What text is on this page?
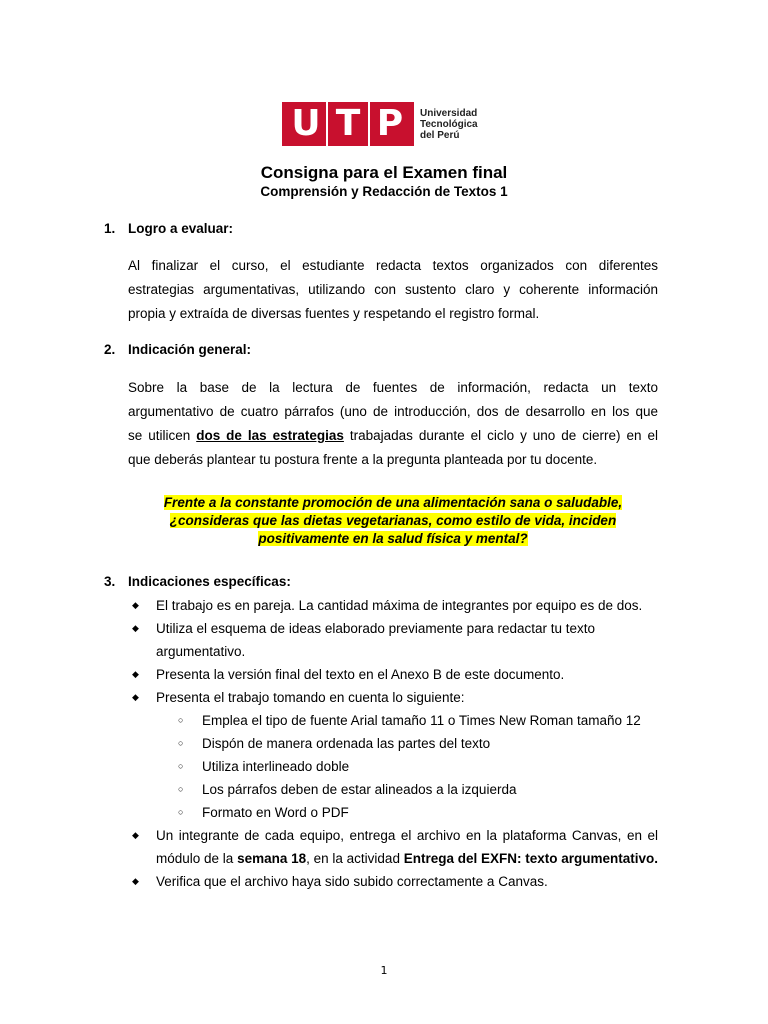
U T P	Universidad
Tecnológica
del Perú
Consigna para el Examen final
Comprensión y Redacción de Textos 1
1. Logro a evaluar:
Al finalizar el curso, el estudiante redacta textos organizados con diferentes
estrategias argumentativas, utilizando con sustento claro y coherente información
propia y extraída de diversas fuentes y respetando el registro formal.
2. Indicación general:
Sobre la base de la lectura de fuentes de información, redacta un texto
argumentativo de cuatro párrafos (uno de introducción, dos de desarrollo en los que
se utilicen dos de las estrategias trabajadas durante el ciclo y uno de cierre) en el
que deberás plantear tu postura frente a la pregunta planteada por tu docente.
Frente a la constante promoción de una alimentación sana o saludable,
¿consideras que las dietas vegetarianas, como estilo de vida, inciden
positivamente en la salud física y mental?
3. Indicaciones específicas:
◆ El trabajo es en pareja. La cantidad máxima de integrantes por equipo es de dos.
◆ Utiliza el esquema de ideas elaborado previamente para redactar tu texto argumentativo.
◆ Presenta la versión final del texto en el Anexo B de este documento.
◆ Presenta el trabajo tomando en cuenta lo siguiente:
○ Emplea el tipo de fuente Arial tamaño 11 o Times New Roman tamaño 12
○ Dispón de manera ordenada las partes del texto
○ Utiliza interlineado doble
○ Los párrafos deben de estar alineados a la izquierda
○ Formato en Word o PDF
◆ Un integrante de cada equipo, entrega el archivo en la plataforma Canvas, en el módulo de la semana 18, en la actividad Entrega del EXFN: texto argumentativo.
◆ Verifica que el archivo haya sido subido correctamente a Canvas.
1
